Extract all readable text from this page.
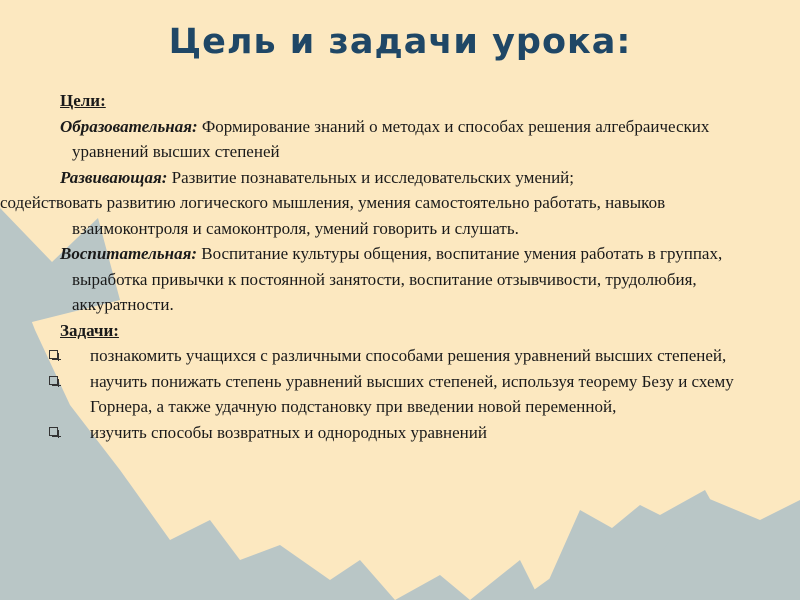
Цель и задачи урока:

Цели:

Образовательная: Формирование знаний о методах и способах решения алгебраических уравнений высших степеней

Развивающая: Развитие познавательных и исследовательских умений;

содействовать развитию логического мышления, умения самостоятельно работать, навыков взаимоконтроля и самоконтроля, умений говорить и слушать.

Воспитательная: Воспитание культуры общения, воспитание умения работать в группах, выработка привычки к постоянной занятости, воспитание отзывчивости, трудолюбия, аккуратности.

Задачи:

познакомить учащихся с различными способами решения уравнений высших степеней,
научить понижать степень уравнений высших степеней, используя теорему Безу и схему Горнера, а также удачную подстановку при введении новой переменной,
изучить способы возвратных и однородных уравнений
